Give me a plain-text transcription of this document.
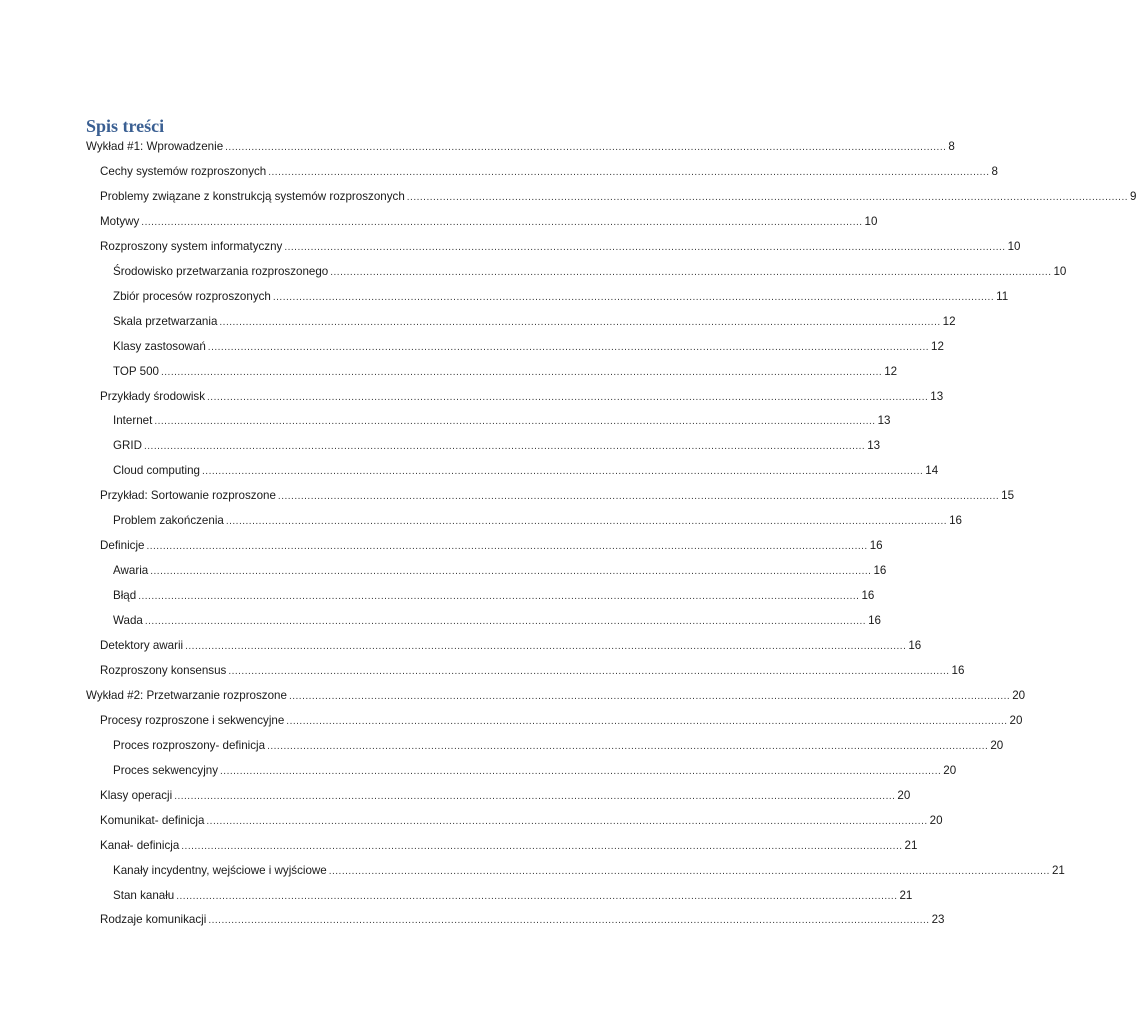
Spis treści
Wykład #1: Wprowadzenie ............................................................................................................................................................................................................................ 8
Cechy systemów rozproszonych ............................................................................................................................................................................................................................ 8
Problemy związane z konstrukcją systemów rozproszonych ............................................................................................................................................................................................................................ 9
Motywy ............................................................................................................................................................................................................................ 10
Rozproszony system informatyczny ............................................................................................................................................................................................................................ 10
Środowisko przetwarzania rozproszonego ............................................................................................................................................................................................................................ 10
Zbiór procesów rozproszonych ............................................................................................................................................................................................................................ 11
Skala przetwarzania ............................................................................................................................................................................................................................ 12
Klasy zastosowań ............................................................................................................................................................................................................................ 12
TOP 500 ............................................................................................................................................................................................................................ 12
Przykłady środowisk ............................................................................................................................................................................................................................ 13
Internet ............................................................................................................................................................................................................................ 13
GRID ............................................................................................................................................................................................................................ 13
Cloud computing ............................................................................................................................................................................................................................ 14
Przykład: Sortowanie rozproszone ............................................................................................................................................................................................................................ 15
Problem zakończenia ............................................................................................................................................................................................................................ 16
Definicje ............................................................................................................................................................................................................................ 16
Awaria ............................................................................................................................................................................................................................ 16
Błąd ............................................................................................................................................................................................................................ 16
Wada ............................................................................................................................................................................................................................ 16
Detektory awarii ............................................................................................................................................................................................................................ 16
Rozproszony konsensus ............................................................................................................................................................................................................................ 16
Wykład #2: Przetwarzanie rozproszone ............................................................................................................................................................................................................................ 20
Procesy rozproszone i sekwencyjne ............................................................................................................................................................................................................................ 20
Proces rozproszony- definicja ............................................................................................................................................................................................................................ 20
Proces sekwencyjny ............................................................................................................................................................................................................................ 20
Klasy operacji ............................................................................................................................................................................................................................ 20
Komunikat- definicja ............................................................................................................................................................................................................................ 20
Kanał- definicja ............................................................................................................................................................................................................................ 21
Kanały incydentny, wejściowe i wyjściowe ............................................................................................................................................................................................................................ 21
Stan kanału ............................................................................................................................................................................................................................ 21
Rodzaje komunikacji ............................................................................................................................................................................................................................ 23
